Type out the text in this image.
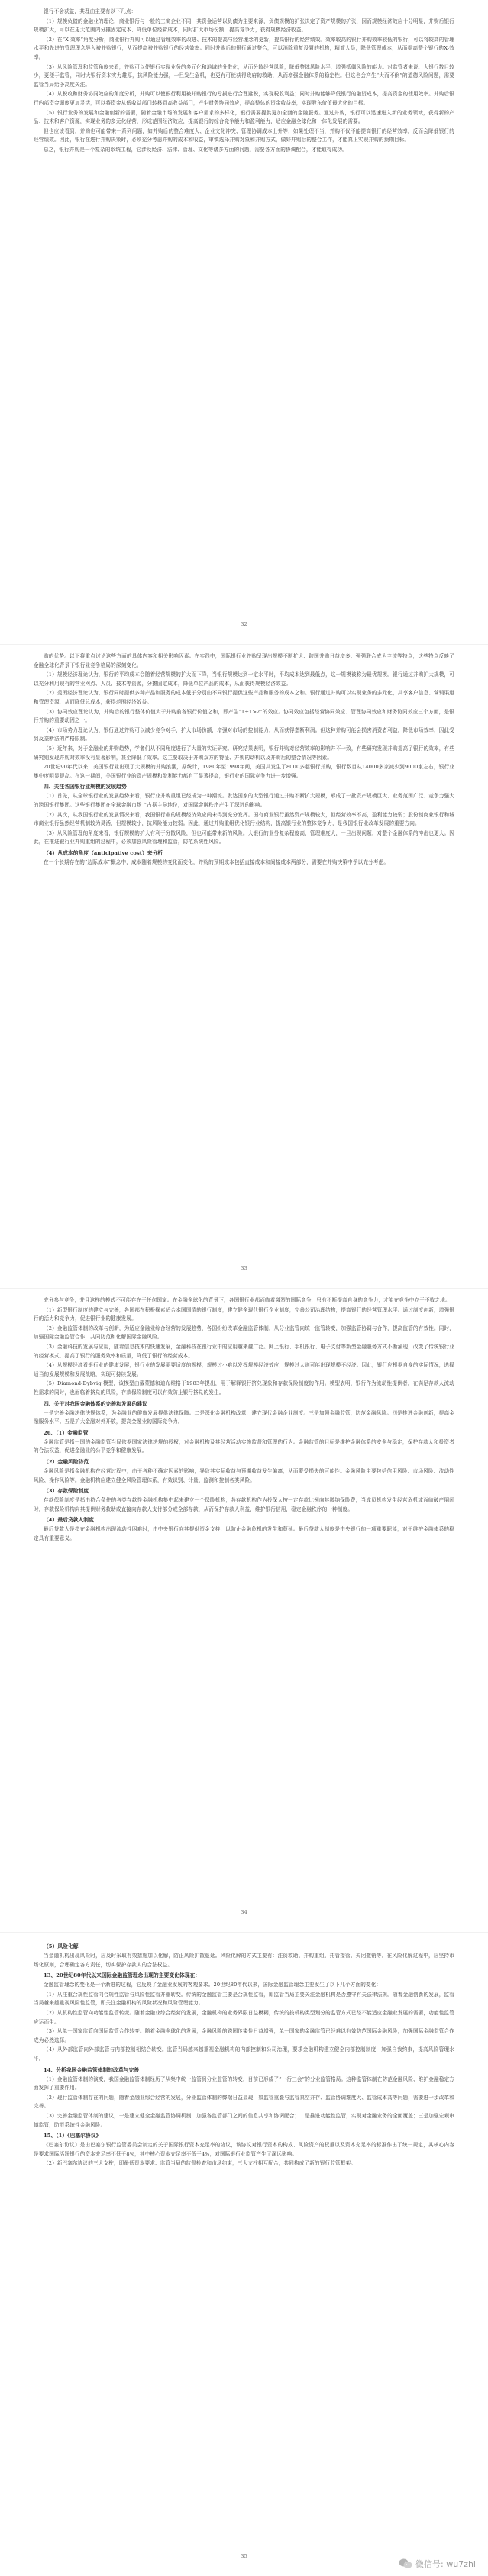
银行不会获益，其理由主要有以下几点：

（1）规模负债的金融业的理论，商业银行与一般的工商企业不同，其资金运营以负债为主要来源，负债规模的扩张决定了资产规模的扩张，因而规模经济效应十分明显，并购后银行规模扩大，可以在更大范围内分摊固定成本、降低单位经营成本，同时扩大市场份额，提高竞争力，获得规模经济收益。

（2）在“X-效率”角度分析，商业银行并购可以通过管理效率的改进、技术的提高与经营理念的更新，提高银行的经营绩效。效率较高的银行并购效率较低的银行，可以将较高的管理水平和先进的管理理念导入被并购银行，从而提高被并购银行的经营效率。同时并购后的银行通过整合，可以消除重复设置的机构，精简人员，降低管理成本，从而提高整个银行的X-效率。

（3）从风险管理和监管角度来看，并购可以使银行实现业务的多元化和地域的分散化，从而分散经营风险，降低整体风险水平，增强抵御风险的能力。对监管者来说，大银行数目较少，更便于监管，同时大银行资本实力雄厚，抗风险能力强，一旦发生危机，也更有可能获得政府的救助，从而增强金融体系的稳定性。但这也会产生“大而不倒”的道德风险问题，需要监管当局给予高度关注。

（4）从税收和财务协同效应的角度分析，并购可以使银行利用被并购银行的亏损进行合理避税，实现税收利益；同时并购能够降低银行的融资成本，提高资金的使用效率。并购后银行内部资金调度更加灵活，可以将资金从低收益部门转移到高收益部门，产生财务协同效应，提高整体的资金收益率，实现股东价值最大化的目标。

（5）银行业务的发展和金融创新的需要，随着金融市场的发展和客户需求的多样化，银行需要提供更加全面的金融服务。通过并购，银行可以迅速进入新的业务领域，获得新的产品、技术和客户资源，实现业务的多元化经营，形成范围经济效应，提高银行的综合竞争能力和盈利能力，适应金融全球化和一体化发展的需要。

但也应该看到，并购也可能带来一系列问题，如并购后的整合难度大、企业文化冲突、管理协调成本上升等，如果处理不当，并购不仅不能提高银行的经营效率，反而会降低银行的经营绩效。因此，银行在进行并购决策时，必须充分考虑并购的成本和收益，审慎选择并购对象和并购方式，做好并购后的整合工作，才能真正实现并购的预期目标。

总之，银行并购是一个复杂的系统工程，它涉及经济、法律、管理、文化等诸多方面的问题，需要各方面的协调配合，才能取得成功。

32

购的优势。以下将重点讨论这些方面的具体内容和相关影响因素。在实践中，国际银行业并购呈现出规模不断扩大、跨国并购日益增多、强强联合成为主流等特点，这些特点反映了金融全球化背景下银行业竞争格局的深刻变化。

（1）规模经济理论认为，银行的平均成本会随着经营规模的扩大而下降，当银行规模达到一定水平时，平均成本达到最低点，这一规模被称为最优规模。银行通过并购扩大规模，可以充分利用现有的营业网点、人员、技术等资源，分摊固定成本，降低单位产品的成本，从而获得规模经济效益。

（2）范围经济理论认为，银行同时提供多种产品和服务的成本低于分别由不同银行提供这些产品和服务的成本之和。银行通过并购可以实现业务的多元化，共享客户信息、营销渠道和管理资源，从而降低总成本，获得范围经济效益。

（3）协同效应理论认为，并购后的银行整体价值大于并购前各银行价值之和，即产生“1+1>2”的效应。协同效应包括经营协同效应、管理协同效应和财务协同效应三个方面，是银行并购的重要动因之一。

（4）市场势力理论认为，银行通过并购可以减少竞争对手，扩大市场份额，增强对市场的控制能力，从而获得垄断利润。但这种并购可能会损害消费者利益，降低市场效率，因此受到反垄断法的严格限制。

（5）近年来，对于金融业的并购趋势，学者们从不同角度进行了大量的实证研究。研究结果表明，银行并购对经营效率的影响并不一致，有些研究发现并购提高了银行的效率，有些研究则发现并购对效率没有显著影响，甚至降低了效率。这主要取决于并购双方的特征、并购的动机以及并购后的整合情况等因素。

20世纪90年代以来，美国银行业出现了大规模的并购浪潮，据统计，1980年至1998年间，美国共发生了8000多起银行并购，银行数目从14000多家减少到9000家左右，银行业集中度明显提高。在这一期间，美国银行业的资产规模和盈利能力都有了显著提高，银行业的国际竞争力进一步增强。

四、关注各国银行业规模的发展趋势

（1）首先，从全球银行业的发展趋势来看，银行业并购重组已经成为一种潮流。发达国家的大型银行通过并购不断扩大规模，形成了一批资产规模巨大、业务范围广泛、竞争力强大的跨国银行集团。这些银行集团在全球金融市场上占据主导地位，对国际金融秩序产生了深远的影响。

（2）其次，从我国银行业的发展情况来看，我国银行业的规模经济效应尚未得到充分发挥。国有商业银行虽然资产规模较大，但经营效率不高，盈利能力较弱；股份制商业银行和城市商业银行虽然经营机制较为灵活，但规模较小，抗风险能力较弱。因此，通过并购重组优化银行业结构，提高银行业的整体竞争力，是我国银行业改革发展的重要方向。

（3）从风险管理的角度来看，银行规模的扩大有利于分散风险，但也可能带来新的风险。大银行的业务复杂程度高，管理难度大，一旦出现问题，对整个金融体系的冲击也更大。因此，在推进银行业并购重组的过程中，必须加强风险管理和监管，防范系统性风险。

（4）从成本的角度（anticipative cost）来分析

在一个长期存在的“边际成本”概念中，成本随着规模的变化而变化，并购的预期成本包括直接成本和间接成本两部分，需要在并购决策中予以充分考虑。

33

充分参与竞争，并且这样的模式不可能存在于任何国家。在金融全球化的背景下，各国银行业都面临着激烈的国际竞争，只有不断提高自身的竞争力，才能在竞争中立于不败之地。

（1）新型银行制度的建立与完善，各国都在积极探索适合本国国情的银行制度，建立健全现代银行企业制度，完善公司治理结构，提高银行的经营管理水平。通过制度创新，增强银行的活力和竞争力，促进银行业的健康发展。

（2）金融监管体制的改革与创新，为适应金融业综合经营的发展趋势，各国纷纷改革金融监管体制，从分业监管向统一监管转变，加强监管协调与合作，提高监管的有效性。同时，加强国际金融监管合作，共同防范和化解国际金融风险。

（3）金融科技的发展与应用，随着信息技术的快速发展，金融科技在银行业中的应用越来越广泛。网上银行、手机银行、电子支付等新型金融服务方式不断涌现，改变了传统银行业的经营模式，提高了银行的服务效率和质量，降低了银行的经营成本。

（4）从规模经济看银行业的健康发展，银行业的发展需要适度的规模，规模过小难以发挥规模经济效应，规模过大则可能出现规模不经济。因此，银行应根据自身的实际情况，选择适当的发展规模和发展战略，实现可持续发展。

（5）Diamond-Dybvig 模型，该模型由戴蒙德和迪布维格于1983年提出，用于解释银行挤兑现象和存款保险制度的作用。模型表明，银行作为流动性提供者，在满足存款人流动性需求的同时，也面临着挤兑的风险，存款保险制度可以有效防止银行挤兑的发生。

四、关于对我国金融体系的完善和发展的建议

一是完善金融法律法规体系，为金融业的健康发展提供法律保障。二是深化金融机构改革，建立现代金融企业制度。三是加强金融监管，防范金融风险。四是推进金融创新，提高金融服务水平。五是扩大金融对外开放，提高金融业的国际竞争力。

26、（1）金融监管

金融监管是指一国的金融监管当局依据国家法律法规的授权，对金融机构及其经营活动实施监督和管理的行为。金融监管的目标是维护金融体系的安全与稳定，保护存款人和投资者的合法权益，促进金融业的公平竞争和健康发展。

（2）金融风险防范

金融风险是指金融机构在经营过程中，由于各种不确定因素的影响，导致其实际收益与预期收益发生偏离，从而蒙受损失的可能性。金融风险主要包括信用风险、市场风险、流动性风险、操作风险等。金融机构应建立健全风险管理体系，有效识别、计量、监测和控制各类风险。

（3）存款保险制度

存款保险制度是指由符合条件的各类存款性金融机构集中起来建立一个保险机构，各存款机构作为投保人按一定存款比例向其缴纳保险费，当成员机构发生经营危机或面临破产倒闭时，存款保险机构向其提供财务救助或直接向存款人支付部分或全部存款，从而保护存款人利益，维护银行信用，稳定金融秩序的一种制度。

（4）最后贷款人制度

最后贷款人是指在金融机构出现流动性困难时，由中央银行向其提供资金支持，以防止金融危机的发生和蔓延。最后贷款人制度是中央银行的一项重要职能，对于维护金融体系的稳定具有重要意义。

34

（5）风险化解

当金融机构出现风险时，应及时采取有效措施加以化解，防止风险扩散蔓延。风险化解的方式主要有：注资救助、并购重组、托管接管、关闭撤销等。在风险化解过程中，应坚持市场化原则，合理确定各方责任，切实保护存款人的合法权益。

13、20世纪80年代以来国际金融监管理念出现的主要变化体现在：

金融监管理念的变化是一个渐进的过程，它反映了金融业发展的客观要求。20世纪80年代以来，国际金融监管理念主要发生了以下几个方面的变化：

（1）从注重合规性监管向合规性监管与风险性监管并重转变。传统的金融监管主要是合规性监管，即监管当局主要关注金融机构是否遵守有关法律法规。随着金融创新的发展，监管当局越来越重视风险性监管，即关注金融机构的风险状况和风险管理能力。

（2）从机构性监管向功能性监管转变。随着金融业综合经营的发展，金融机构的业务界限日益模糊，传统的按机构类型划分的监管方式已经不能适应金融业发展的需要，功能性监管应运而生。

（3）从单一国家监管向国际监管合作转变。随着金融全球化的发展，金融风险的跨国传染性日益增强，单一国家的金融监管已经难以有效防范国际金融风险，加强国际金融监管合作成为必然选择。

（4）从外部监管向外部监管与内部控制相结合转变。监管当局越来越重视金融机构的内部控制和公司治理，要求金融机构建立健全内部控制制度，加强自我约束，提高风险管理水平。

14、分析我国金融监管体制的改革与完善

（1）金融监管体制的演变，我国金融监管体制经历了从集中统一监管到分业监管的转变，目前已形成了“一行三会”的分业监管格局。这种监管体制在防范金融风险、维护金融稳定方面发挥了重要作用。

（2）现行监管体制存在的问题，随着金融业综合经营的发展，分业监管体制的弊端日益显现，如监管重叠与监管真空并存、监管协调难度大、监管成本高等问题，需要进一步改革和完善。

（3）完善金融监管体制的建议，一是建立健全金融监管协调机制，加强各监管部门之间的信息共享和协调配合；二是推进功能性监管，实现对金融业务的全面覆盖；三是加强宏观审慎监管，防范系统性金融风险。

15、（1）《巴塞尔协议》

《巴塞尔协议》是由巴塞尔银行监管委员会制定的关于国际银行资本充足率的协议，该协议对银行资本的构成、风险资产的权重以及资本充足率的标准作出了统一规定，其核心内容是要求国际活跃银行的资本充足率不低于8%，其中核心资本充足率不低于4%，对国际银行业监管产生了深远影响。

（2）新巴塞尔协议的三大支柱，即最低资本要求、监管当局的监督检查和市场约束，三大支柱相互配合，共同构成了新的银行监管框架。

35
微信号: wu7zhl
